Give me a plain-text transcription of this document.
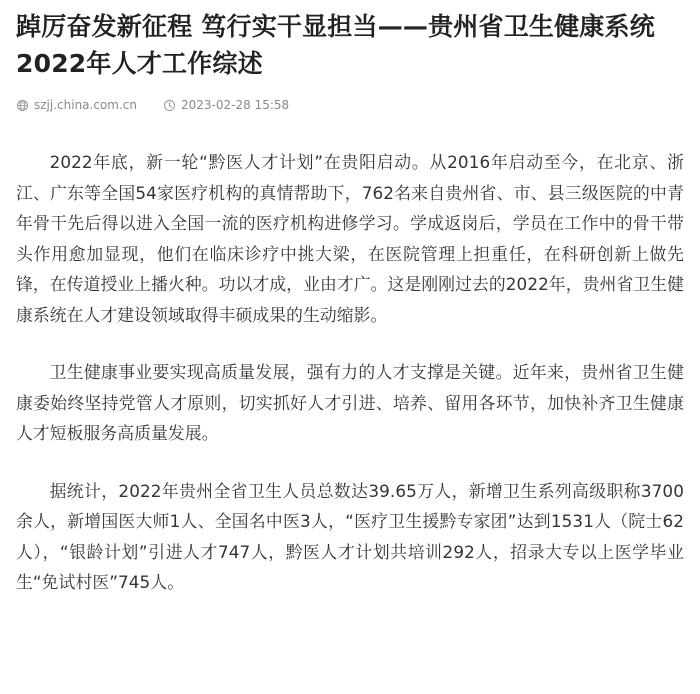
踔厉奋发新征程 笃行实干显担当——贵州省卫生健康系统2022年人才工作综述
szjj.china.com.cn	2023-02-28 15:58

2022年底，新一轮“黔医人才计划”在贵阳启动。从2016年启动至今，在北京、浙江、广东等全国54家医疗机构的真情帮助下，762名来自贵州省、市、县三级医院的中青年骨干先后得以进入全国一流的医疗机构进修学习。学成返岗后，学员在工作中的骨干带头作用愈加显现，他们在临床诊疗中挑大梁，在医院管理上担重任，在科研创新上做先锋，在传道授业上播火种。功以才成，业由才广。这是刚刚过去的2022年，贵州省卫生健康系统在人才建设领域取得丰硕成果的生动缩影。

卫生健康事业要实现高质量发展，强有力的人才支撑是关键。近年来，贵州省卫生健康委始终坚持党管人才原则，切实抓好人才引进、培养、留用各环节，加快补齐卫生健康人才短板服务高质量发展。

据统计，2022年贵州全省卫生人员总数达39.65万人，新增卫生系列高级职称3700余人，新增国医大师1人、全国名中医3人，“医疗卫生援黔专家团”达到1531人（院士62人），“银龄计划”引进人才747人，黔医人才计划共培训292人，招录大专以上医学毕业生“免试村医”745人。
